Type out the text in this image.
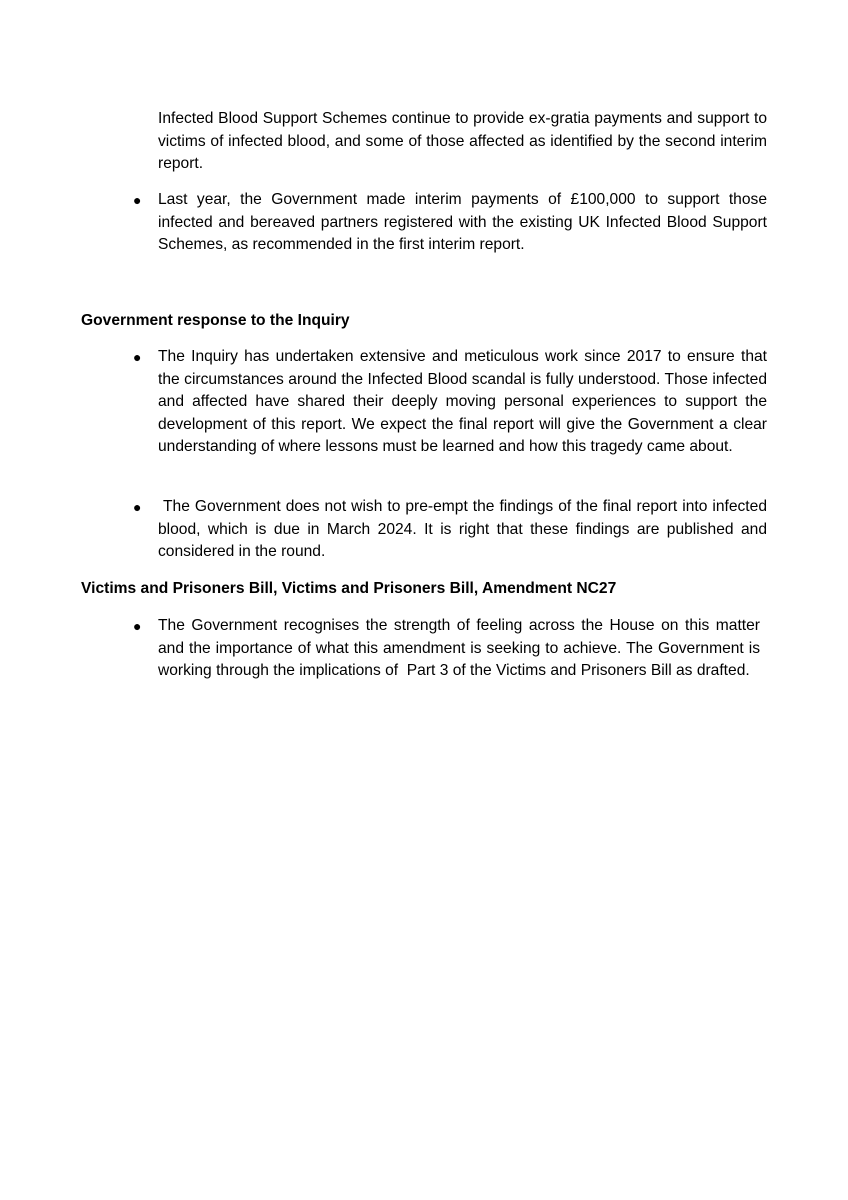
Infected Blood Support Schemes continue to provide ex-gratia payments and support to victims of infected blood, and some of those affected as identified by the second interim report.

● Last year, the Government made interim payments of £100,000 to support those infected and bereaved partners registered with the existing UK Infected Blood Support Schemes, as recommended in the first interim report.

Government response to the Inquiry
● The Inquiry has undertaken extensive and meticulous work since 2017 to ensure that the circumstances around the Infected Blood scandal is fully understood. Those infected and affected have shared their deeply moving personal experiences to support the development of this report. We expect the final report will give the Government a clear understanding of where lessons must be learned and how this tragedy came about.

● The Government does not wish to pre-empt the findings of the final report into infected blood, which is due in March 2024. It is right that these findings are published and considered in the round.

Victims and Prisoners Bill, Victims and Prisoners Bill, Amendment NC27
● The Government recognises the strength of feeling across the House on this matter and the importance of what this amendment is seeking to achieve. The Government is working through the implications of  Part 3 of the Victims and Prisoners Bill as drafted.
